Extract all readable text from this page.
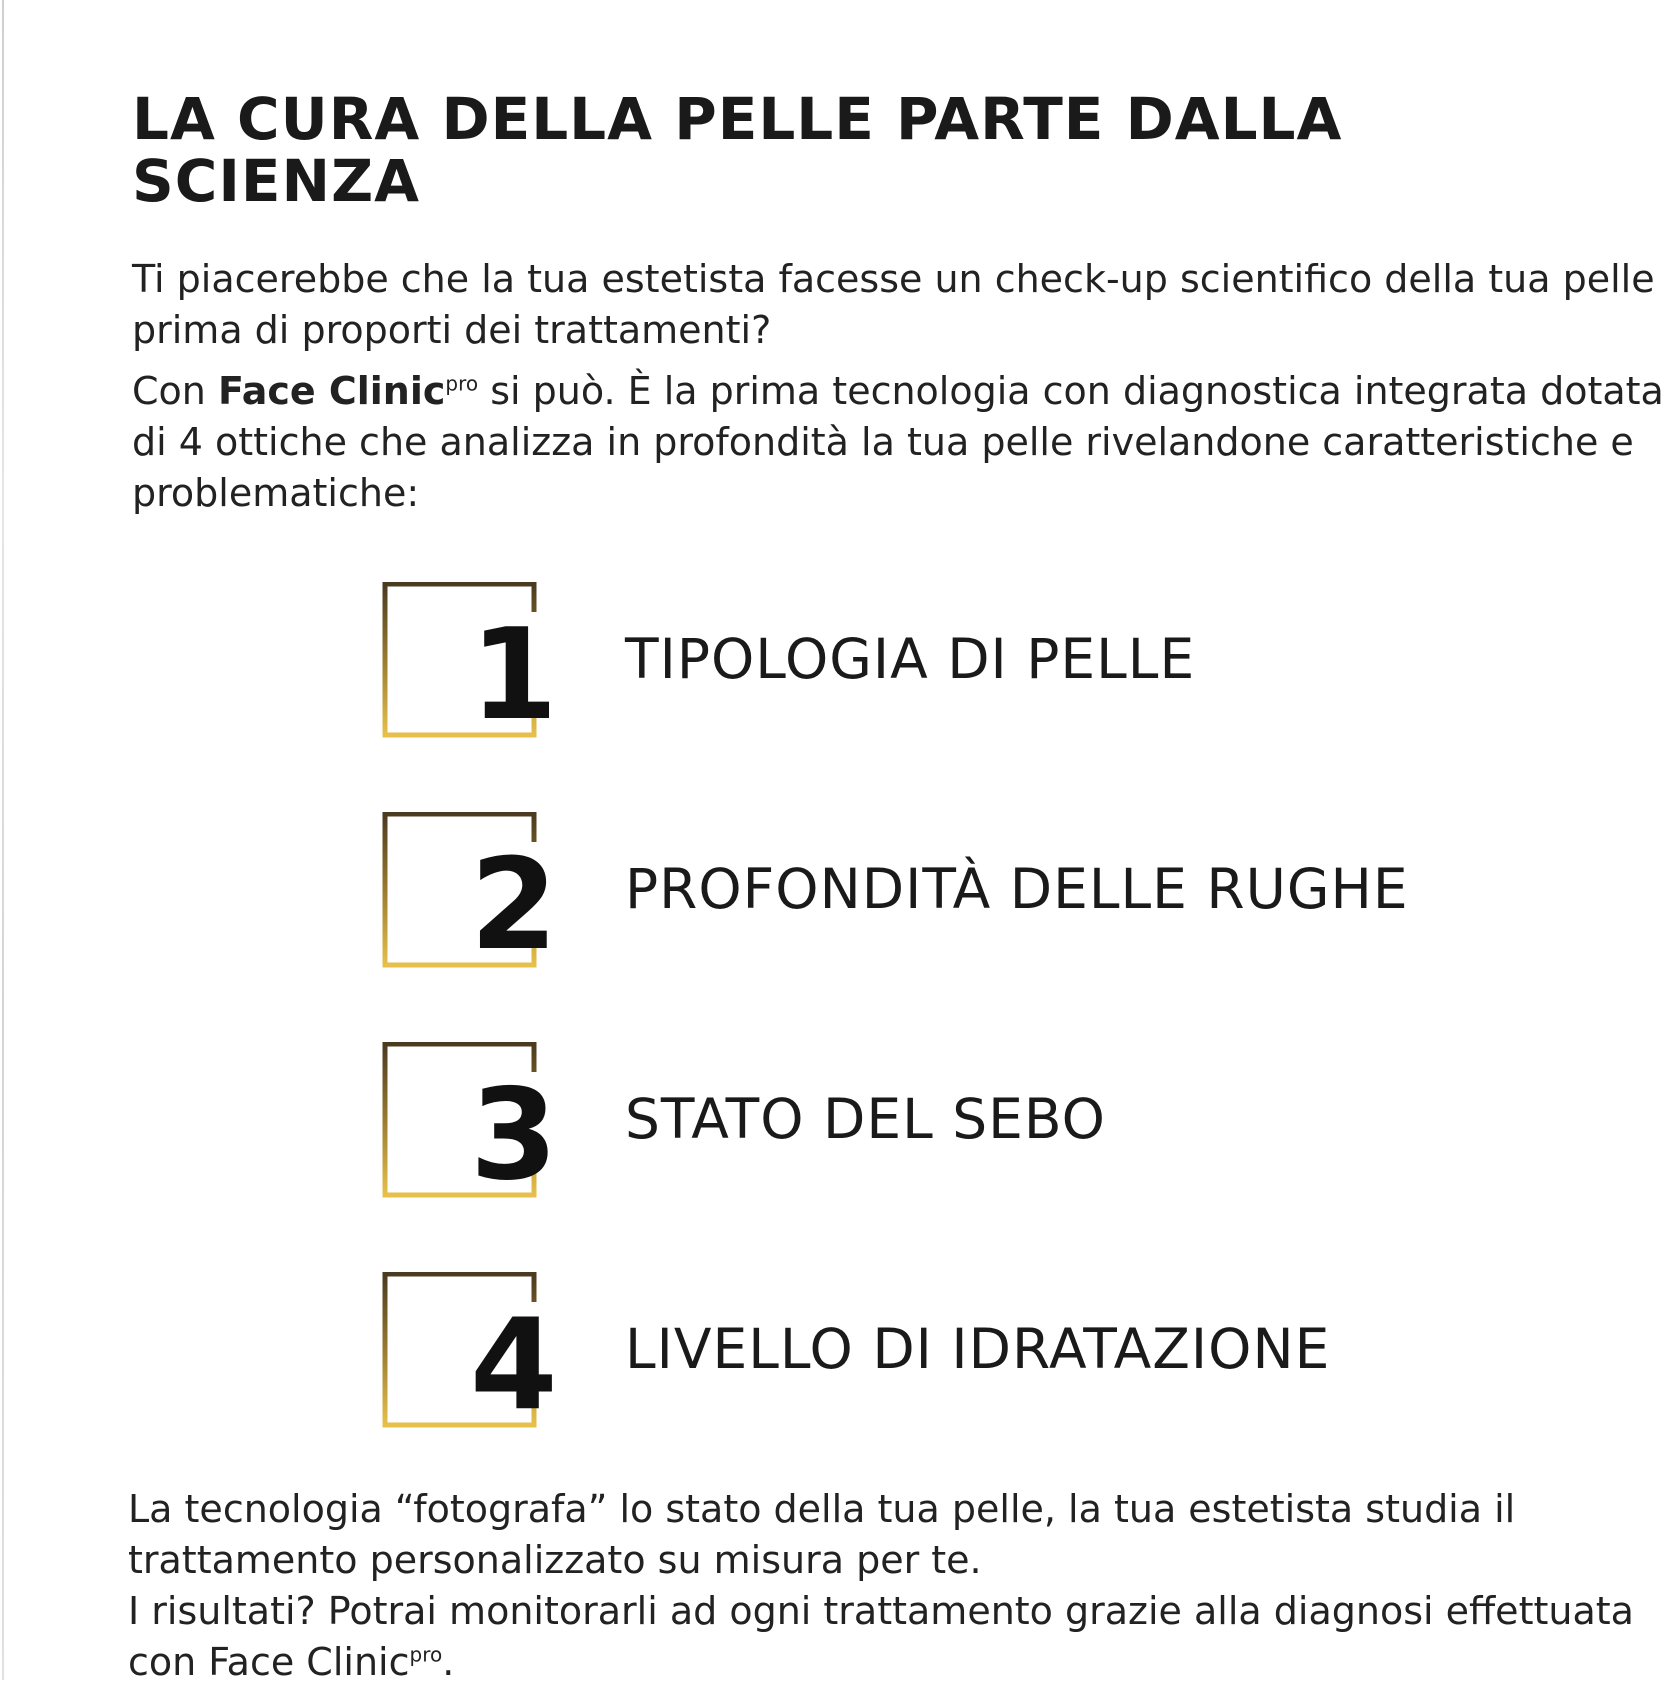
LA CURA DELLA PELLE PARTE DALLA SCIENZA

Ti piacerebbe che la tua estetista facesse un check-up scientifico della tua pelle prima di proporti dei trattamenti?

Con Face Clinic$^{pro}$ si può. È la prima tecnologia con diagnostica integrata dotata di 4 ottiche che analizza in profondità la tua pelle rivelandone caratteristiche e problematiche:

1	TIPOLOGIA DI PELLE
2	PROFONDITÀ DELLE RUGHE
3	STATO DEL SEBO
4	LIVELLO DI IDRATAZIONE

La tecnologia “fotografa” lo stato della tua pelle, la tua estetista studia il trattamento personalizzato su misura per te.

I risultati? Potrai monitorarli ad ogni trattamento grazie alla diagnosi effettuata con Face Clinic$^{pro}$.
